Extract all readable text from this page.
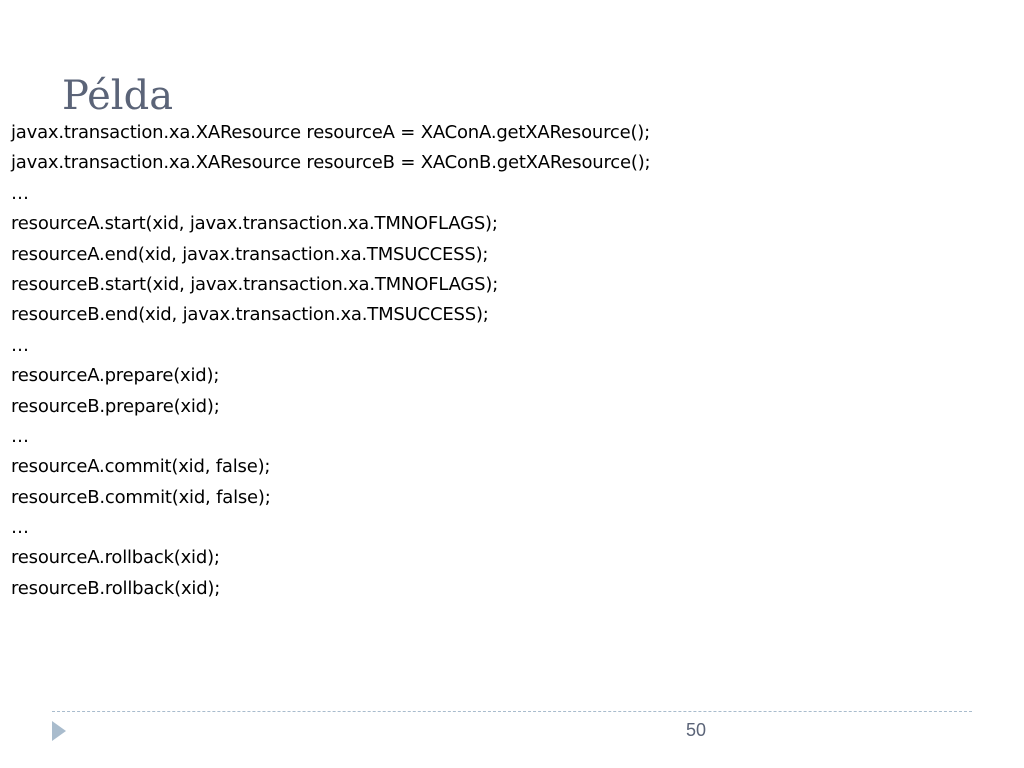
Példa
javax.transaction.xa.XAResource resourceA = XAConA.getXAResource();
javax.transaction.xa.XAResource resourceB = XAConB.getXAResource();
…
resourceA.start(xid, javax.transaction.xa.TMNOFLAGS);
resourceA.end(xid, javax.transaction.xa.TMSUCCESS);
resourceB.start(xid, javax.transaction.xa.TMNOFLAGS);
resourceB.end(xid, javax.transaction.xa.TMSUCCESS);
…
resourceA.prepare(xid);
resourceB.prepare(xid);
…
resourceA.commit(xid, false);
resourceB.commit(xid, false);
…
resourceA.rollback(xid);
resourceB.rollback(xid);
50
